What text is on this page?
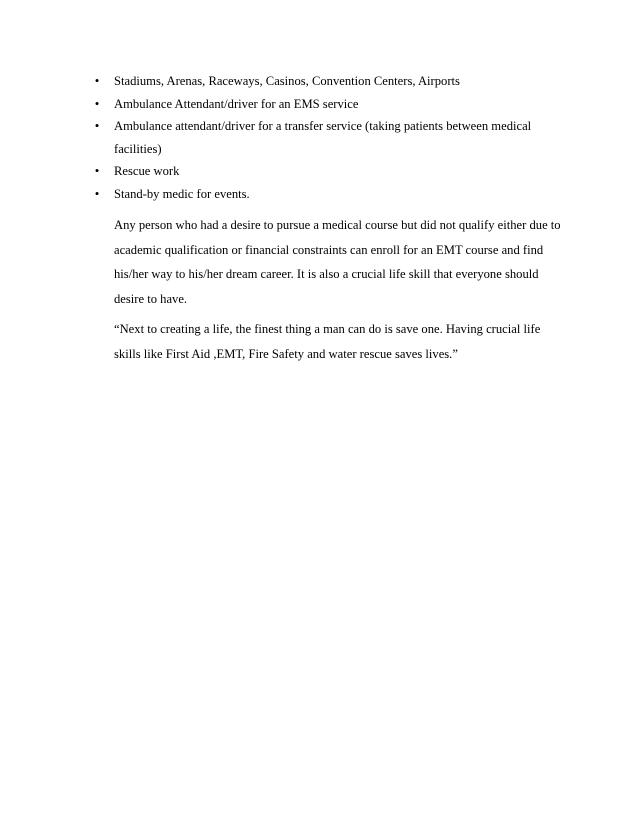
• Stadiums, Arenas, Raceways, Casinos, Convention Centers, Airports
• Ambulance Attendant/driver for an EMS service
• Ambulance attendant/driver for a transfer service (taking patients between medical
facilities)
• Rescue work
• Stand-by medic for events.

Any person who had a desire to pursue a medical course but did not qualify either due to
academic qualification or financial constraints can enroll for an EMT course and find
his/her way to his/her dream career. It is also a crucial life skill that everyone should
desire to have.

“Next to creating a life, the finest thing a man can do is save one. Having crucial life
skills like First Aid ,EMT, Fire Safety and water rescue saves lives.”
